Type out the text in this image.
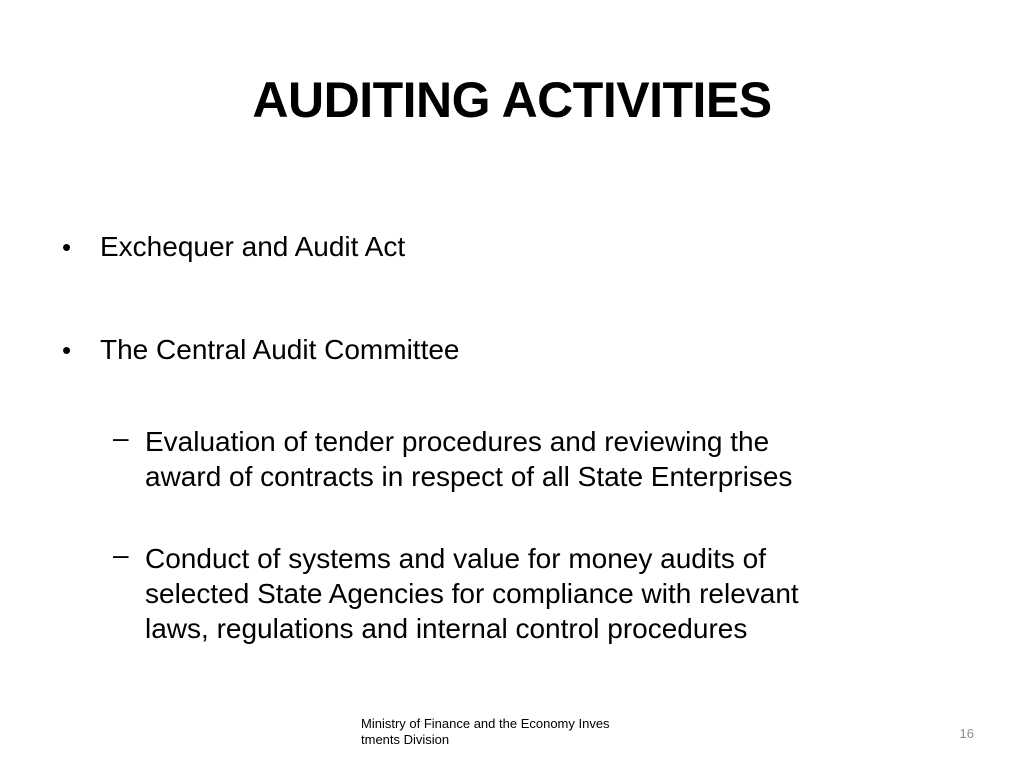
AUDITING ACTIVITIES
• Exchequer and Audit Act
• The Central Audit Committee
– Evaluation of tender procedures and reviewing the
award of contracts in respect of all State Enterprises
– Conduct of systems and value for money audits of
selected State Agencies for compliance with relevant
laws, regulations and internal control procedures
Ministry of Finance and the Economy Inves
tments Division	16
